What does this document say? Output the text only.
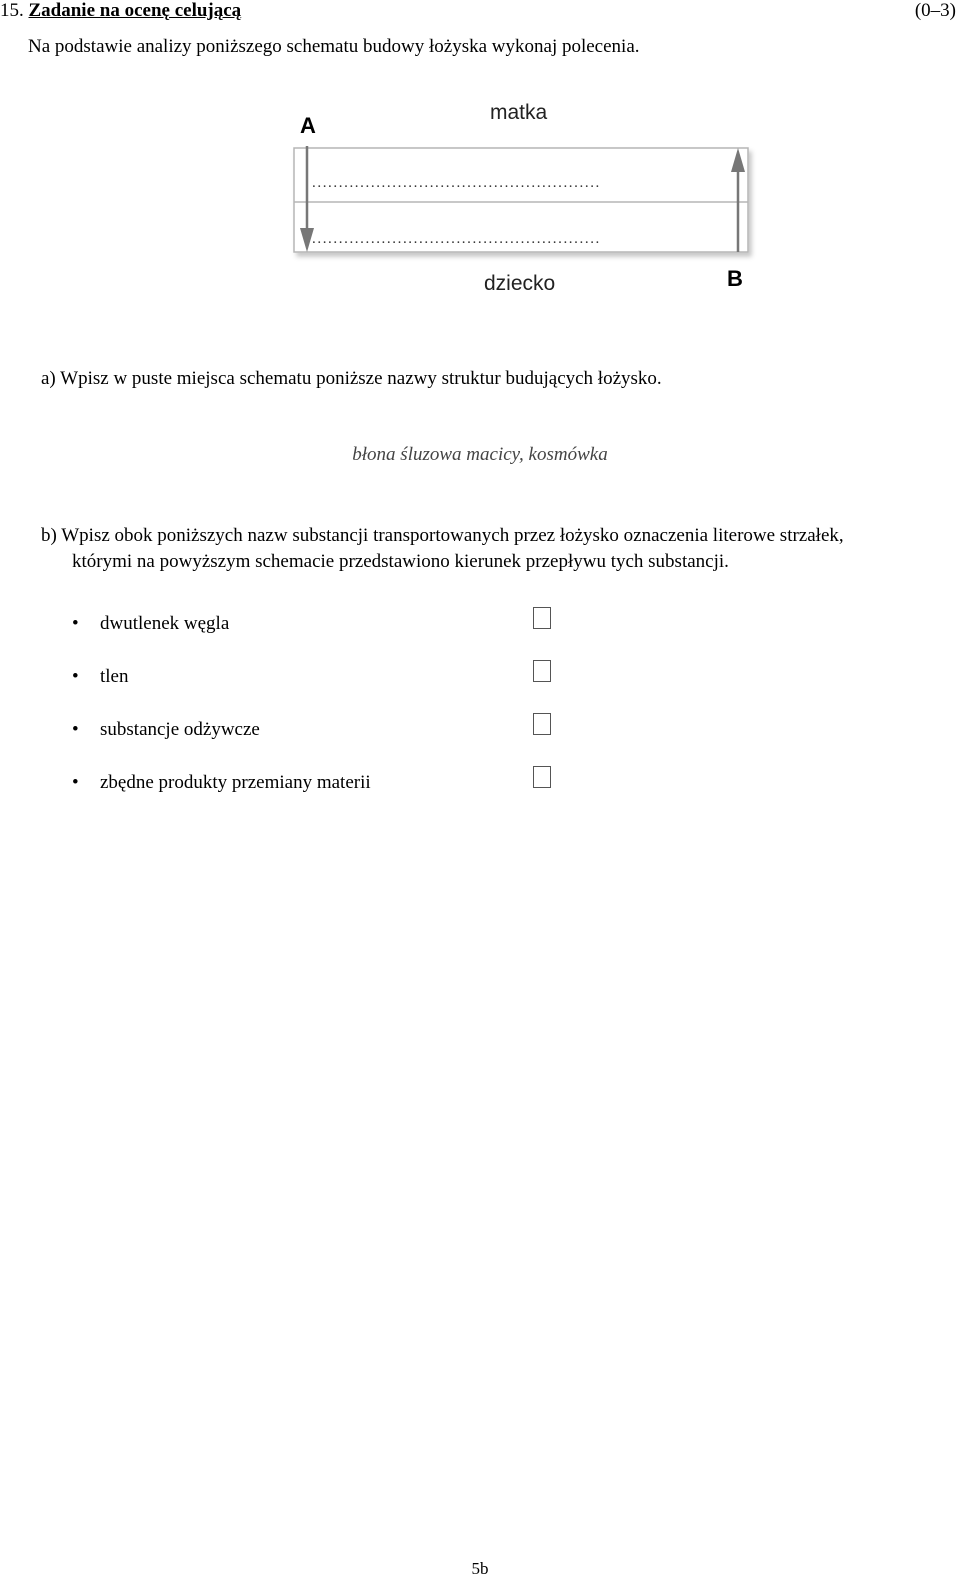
15. Zadanie na ocenę celującą	(0–3)
Na podstawie analizy poniższego schematu budowy łożyska wykonaj polecenia.
A
matka
......................................................
......................................................
dziecko	B
a) Wpisz w puste miejsca schematu poniższe nazwy struktur budujących łożysko.
błona śluzowa macicy, kosmówka
b) Wpisz obok poniższych nazw substancji transportowanych przez łożysko oznaczenia literowe strzałek,
którymi na powyższym schemacie przedstawiono kierunek przepływu tych substancji.
• dwutlenek węgla
• tlen
• substancje odżywcze
• zbędne produkty przemiany materii
5b
